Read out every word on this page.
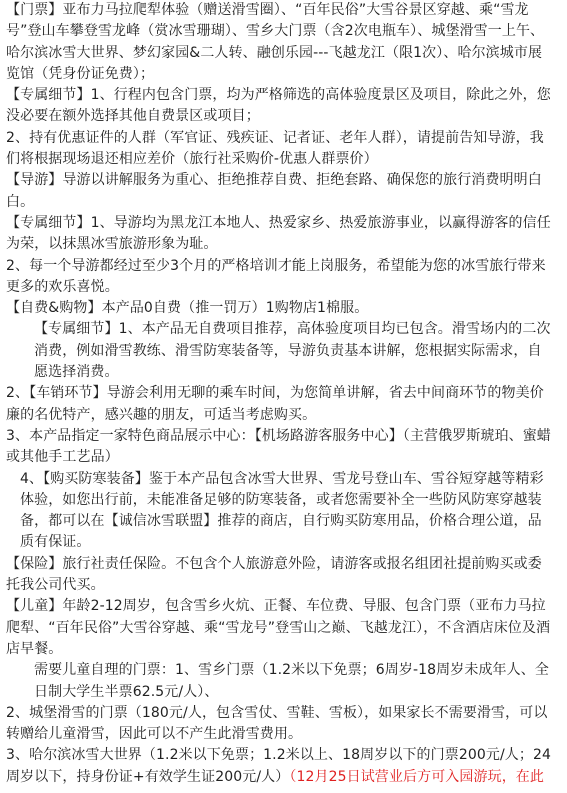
【门票】亚布力马拉爬犁体验（赠送滑雪圈）、“百年民俗”大雪谷景区穿越、乘“雪龙号”登山车攀登雪龙峰（赏冰雪珊瑚）、雪乡大门票（含2次电瓶车）、城堡滑雪一上午、哈尔滨冰雪大世界、梦幻家园&二人转、融创乐园---飞越龙江（限1次）、哈尔滨城市展览馆（凭身份证免费）；

【专属细节】1、行程内包含门票，均为严格筛选的高体验度景区及项目，除此之外，您没必要在额外选择其他自费景区或项目；

2、持有优惠证件的人群（军官证、残疾证、记者证、老年人群），请提前告知导游，我们将根据现场退还相应差价（旅行社采购价-优惠人群票价）

【导游】导游以讲解服务为重心、拒绝推荐自费、拒绝套路、确保您的旅行消费明明白白。

【专属细节】1、导游均为黑龙江本地人、热爱家乡、热爱旅游事业，以赢得游客的信任为荣，以抹黑冰雪旅游形象为耻。

2、每一个导游都经过至少3个月的严格培训才能上岗服务，希望能为您的冰雪旅行带来更多的欢乐喜悦。

【自费&购物】本产品0自费（推一罚万）1购物店1棉服。

【专属细节】1、本产品无自费项目推荐，高体验度项目均已包含。滑雪场内的二次消费，例如滑雪教练、滑雪防寒装备等，导游负责基本讲解，您根据实际需求，自愿选择消费。

2、【车销环节】导游会利用无聊的乘车时间，为您简单讲解，省去中间商环节的物美价廉的名优特产，感兴趣的朋友，可适当考虑购买。

3、本产品指定一家特色商品展示中心：【机场路游客服务中心】（主营俄罗斯琥珀、蜜蜡或其他手工艺品）

4、【购买防寒装备】鉴于本产品包含冰雪大世界、雪龙号登山车、雪谷短穿越等精彩体验，如您出行前，未能准备足够的防寒装备，或者您需要补全一些防风防寒穿越装备，都可以在【诚信冰雪联盟】推荐的商店，自行购买防寒用品，价格合理公道，品质有保证。

【保险】旅行社责任保险。不包含个人旅游意外险，请游客或报名组团社提前购买或委托我公司代买。

【儿童】年龄2-12周岁，包含雪乡火炕、正餐、车位费、导服、包含门票（亚布力马拉爬犁、“百年民俗”大雪谷穿越、乘“雪龙号”登雪山之巅、飞越龙江），不含酒店床位及酒店早餐。

需要儿童自理的门票：1、雪乡门票（1.2米以下免票；6周岁-18周岁未成年人、全日制大学生半票62.5元/人）、

2、城堡滑雪的门票（180元/人，包含雪仗、雪鞋、雪板），如果家长不需要滑雪，可以转赠给儿童滑雪，因此可以不产生此滑雪费用。

3、哈尔滨冰雪大世界（1.2米以下免票；1.2米以上、18周岁以下的门票200元/人；24周岁以下，持身份证+有效学生证200元/人）（12月25日试营业后方可入园游玩，在此
